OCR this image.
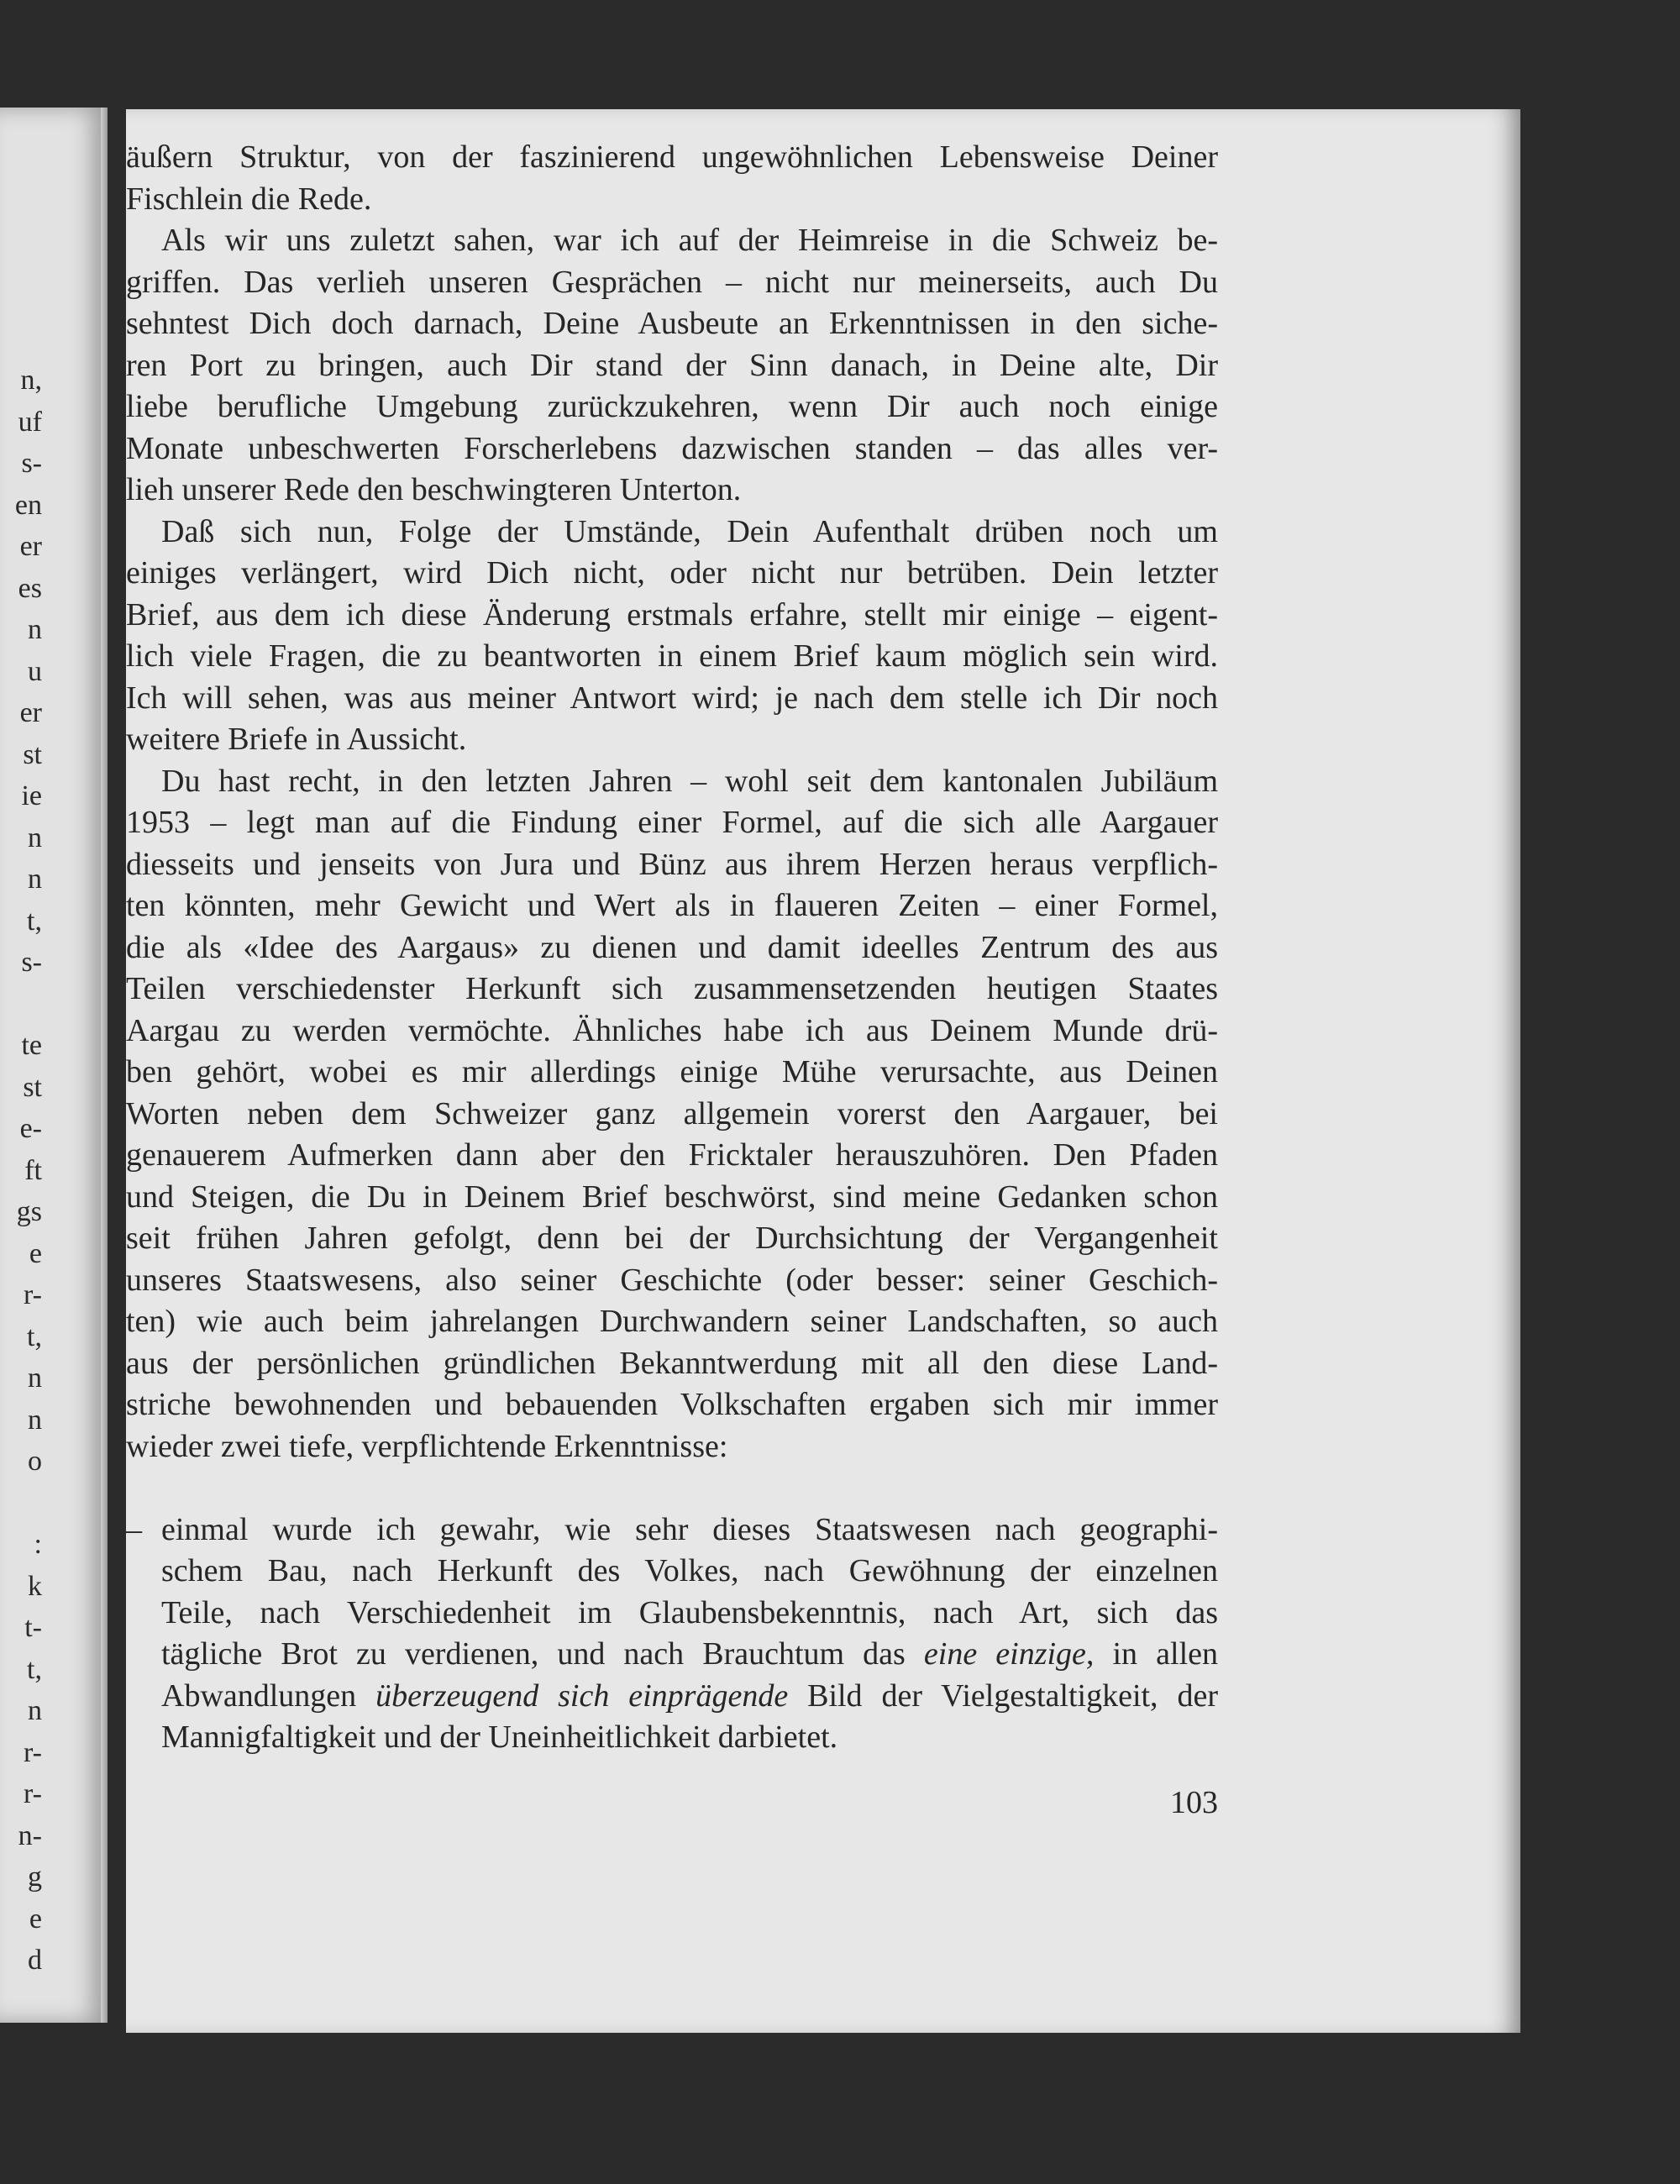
n,
uf
s-
en
er
es
n
u
er
st
ie
n
n
t,
s-
te
st
e-
ft
gs
e
r-
t,
n
n
o
:
k
t-
t,
n
r-
r-
n-
g
e
d
äußern Struktur, von der faszinierend ungewöhnlichen Lebensweise Deiner
Fischlein die Rede.
Als wir uns zuletzt sahen, war ich auf der Heimreise in die Schweiz be-
griffen. Das verlieh unseren Gesprächen – nicht nur meinerseits, auch Du
sehntest Dich doch darnach, Deine Ausbeute an Erkenntnissen in den siche-
ren Port zu bringen, auch Dir stand der Sinn danach, in Deine alte, Dir
liebe berufliche Umgebung zurückzukehren, wenn Dir auch noch einige
Monate unbeschwerten Forscherlebens dazwischen standen – das alles ver-
lieh unserer Rede den beschwingteren Unterton.
Daß sich nun, Folge der Umstände, Dein Aufenthalt drüben noch um
einiges verlängert, wird Dich nicht, oder nicht nur betrüben. Dein letzter
Brief, aus dem ich diese Änderung erstmals erfahre, stellt mir einige – eigent-
lich viele Fragen, die zu beantworten in einem Brief kaum möglich sein wird.
Ich will sehen, was aus meiner Antwort wird; je nach dem stelle ich Dir noch
weitere Briefe in Aussicht.
Du hast recht, in den letzten Jahren – wohl seit dem kantonalen Jubiläum
1953 – legt man auf die Findung einer Formel, auf die sich alle Aargauer
diesseits und jenseits von Jura und Bünz aus ihrem Herzen heraus verpflich-
ten könnten, mehr Gewicht und Wert als in flaueren Zeiten – einer Formel,
die als «Idee des Aargaus» zu dienen und damit ideelles Zentrum des aus
Teilen verschiedenster Herkunft sich zusammensetzenden heutigen Staates
Aargau zu werden vermöchte. Ähnliches habe ich aus Deinem Munde drü-
ben gehört, wobei es mir allerdings einige Mühe verursachte, aus Deinen
Worten neben dem Schweizer ganz allgemein vorerst den Aargauer, bei
genauerem Aufmerken dann aber den Fricktaler herauszuhören. Den Pfaden
und Steigen, die Du in Deinem Brief beschwörst, sind meine Gedanken schon
seit frühen Jahren gefolgt, denn bei der Durchsichtung der Vergangenheit
unseres Staatswesens, also seiner Geschichte (oder besser: seiner Geschich-
ten) wie auch beim jahrelangen Durchwandern seiner Landschaften, so auch
aus der persönlichen gründlichen Bekanntwerdung mit all den diese Land-
striche bewohnenden und bebauenden Volkschaften ergaben sich mir immer
wieder zwei tiefe, verpflichtende Erkenntnisse:
– einmal wurde ich gewahr, wie sehr dieses Staatswesen nach geographi-
schem Bau, nach Herkunft des Volkes, nach Gewöhnung der einzelnen
Teile, nach Verschiedenheit im Glaubensbekenntnis, nach Art, sich das
tägliche Brot zu verdienen, und nach Brauchtum das eine einzige, in allen
Abwandlungen überzeugend sich einprägende Bild der Vielgestaltigkeit, der
Mannigfaltigkeit und der Uneinheitlichkeit darbietet.
103
